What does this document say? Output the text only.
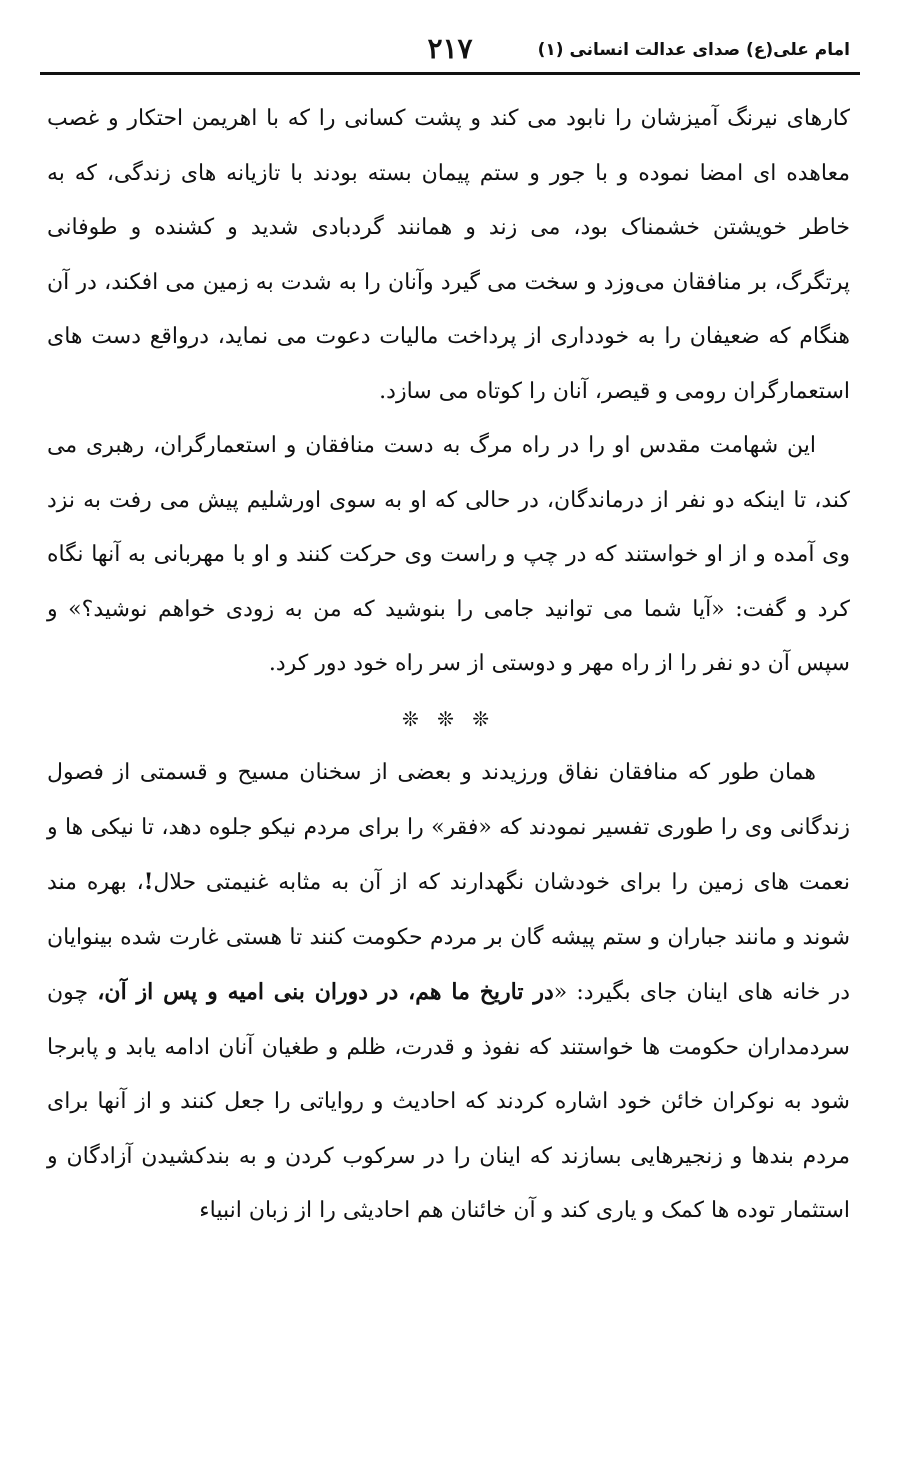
امام علی(ع) صدای عدالت انسانی (۱)
۲۱۷

کارهای نیرنگ آمیزشان را نابود می کند و پشت کسانی را که با اهریمن احتکار و غصب معاهده ای امضا نموده و با جور و ستم پیمان بسته بودند با تازیانه های زندگی، که به خاطر خویشتن خشمناک بود، می زند و همانند گردبادی شدید و کشنده و طوفانی پرتگرگ، بر منافقان می‌وزد و سخت می گیرد وآنان را به شدت به زمین می افکند، در آن هنگام که ضعیفان را به خودداری از پرداخت مالیات دعوت می نماید، درواقع دست های استعمارگران رومی و قیصر، آنان را کوتاه می سازد.

این شهامت مقدس او را در راه مرگ به دست منافقان و استعمارگران، رهبری می کند، تا اینکه دو نفر از درماندگان، در حالی که او به سوی اورشلیم پیش می رفت به نزد وی آمده و از او خواستند که در چپ و راست وی حرکت کنند و او با مهربانی به آنها نگاه کرد و گفت: «آیا شما می توانید جامی را بنوشید که من به زودی خواهم نوشید؟» و سپس آن دو نفر را از راه مهر و دوستی از سر راه خود دور کرد.

❊ ❊ ❊

همان طور که منافقان نفاق ورزیدند و بعضی از سخنان مسیح و قسمتی از فصول زندگانی وی را طوری تفسیر نمودند که «فقر» را برای مردم نیکو جلوه دهد، تا نیکی ها و نعمت های زمین را برای خودشان نگهدارند که از آن به مثابه غنیمتی حلال!، بهره مند شوند و مانند جباران و ستم پیشه گان بر مردم حکومت کنند تا هستی غارت شده بینوایان در خانه های اینان جای بگیرد: «در تاریخ ما هم، در دوران بنی امیه و پس از آن، چون سردمداران حکومت ها خواستند که نفوذ و قدرت، ظلم و طغیان آنان ادامه یابد و پابرجا شود به نوکران خائن خود اشاره کردند که احادیث و روایاتی را جعل کنند و از آنها برای مردم بندها و زنجیرهایی بسازند که اینان را در سرکوب کردن و به بندکشیدن آزادگان و استثمار توده ها کمک و یاری کند و آن خائنان هم احادیثی را از زبان انبیاء
